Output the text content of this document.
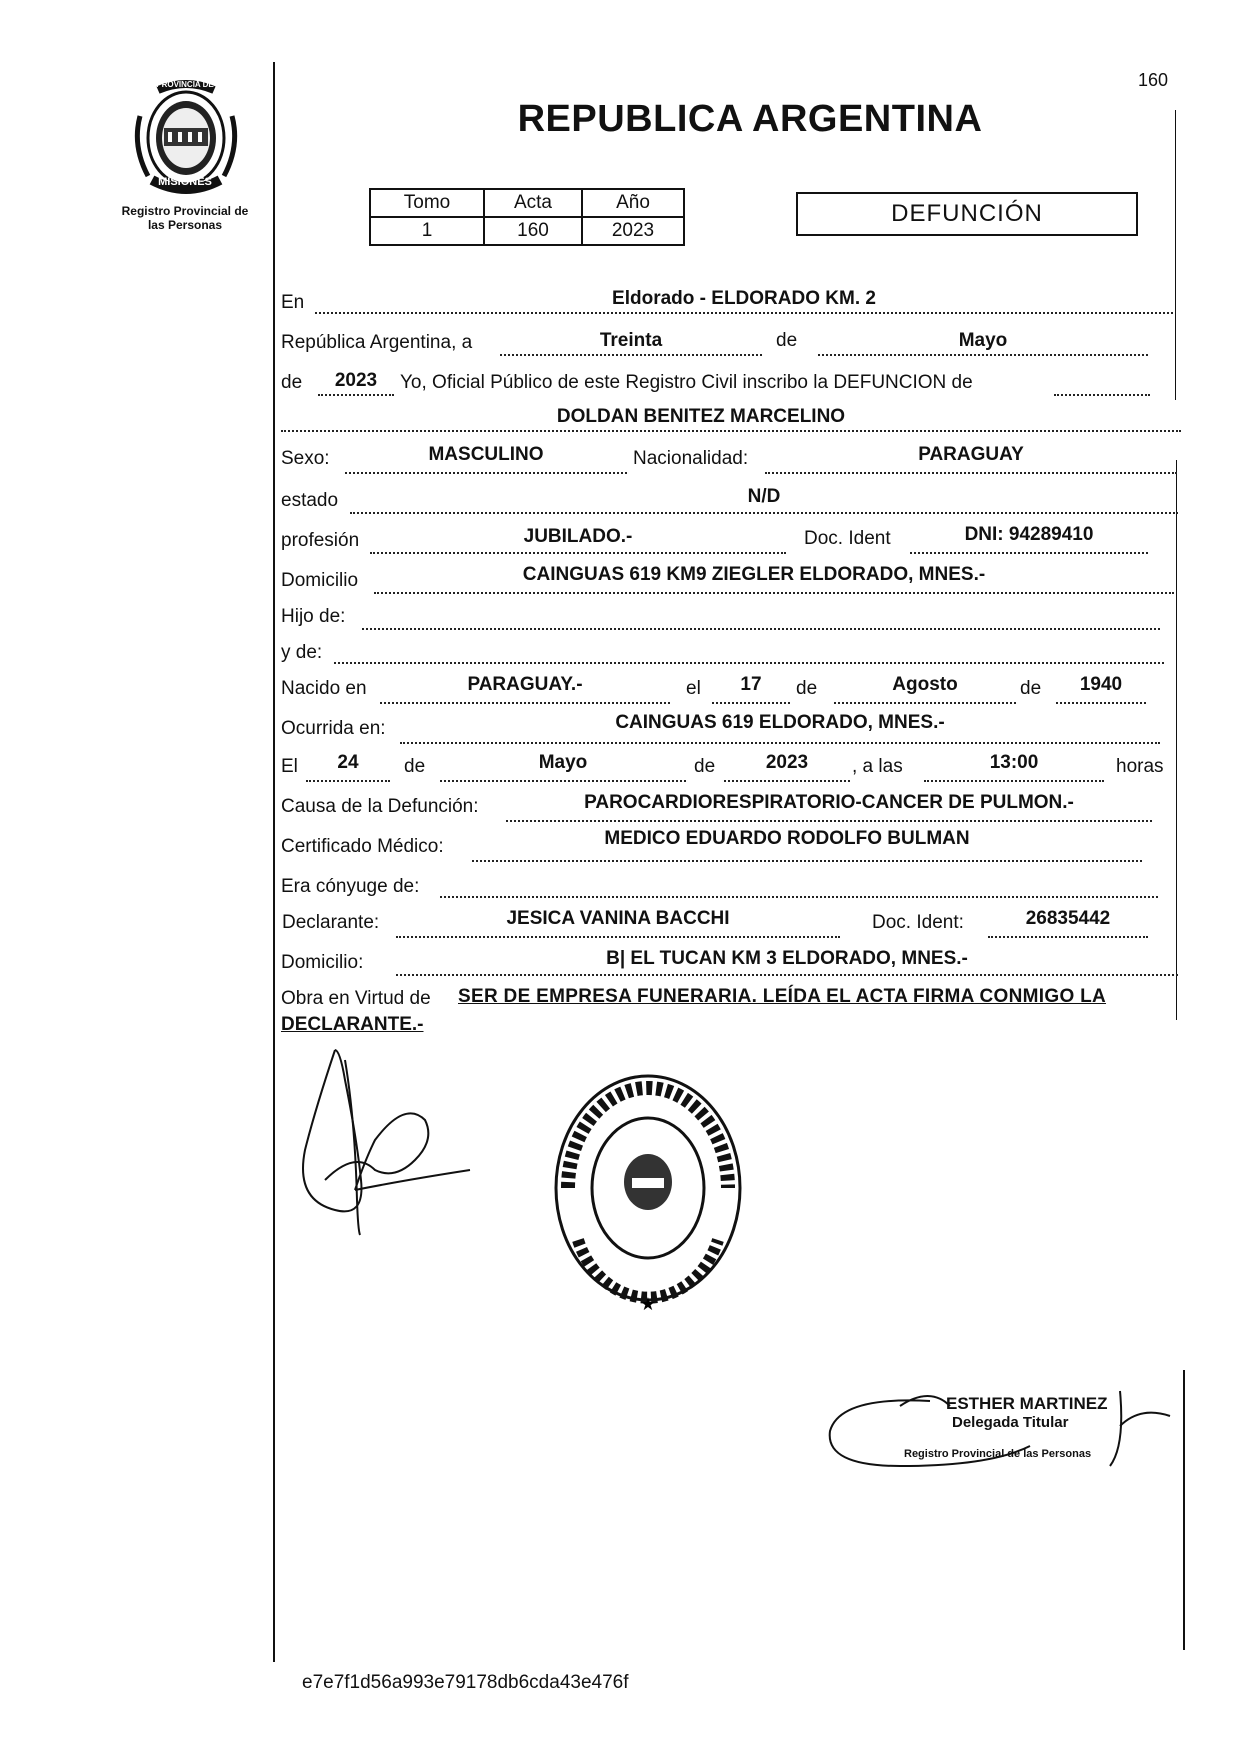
160
PROVINCIA DE
MISIONES
Registro Provincial de
las Personas
REPUBLICA ARGENTINA
Tomo	Acta	Año
1	160	2023
DEFUNCIÓN
En	Eldorado - ELDORADO KM. 2
República Argentina, a	Treinta	de	Mayo
de	2023	Yo, Oficial Público de este Registro Civil inscribo la DEFUNCION de
DOLDAN BENITEZ MARCELINO
Sexo:	MASCULINO	Nacionalidad:	PARAGUAY
estado	N/D
profesión	JUBILADO.-	Doc. Ident	DNI: 94289410
Domicilio	CAINGUAS 619 KM9 ZIEGLER ELDORADO, MNES.-
Hijo de:
y de:
Nacido en	PARAGUAY.-	el	17	de	Agosto	de	1940
Ocurrida en:	CAINGUAS 619 ELDORADO, MNES.-
El	24	de	Mayo	de	2023	, a las	13:00	horas
Causa de la Defunción:	PAROCARDIORESPIRATORIO-CANCER DE PULMON.-
Certificado Médico:	MEDICO EDUARDO RODOLFO BULMAN
Era cónyuge de:
Declarante:	JESICA VANINA BACCHI	Doc. Ident:	26835442
Domicilio:	B| EL TUCAN KM 3 ELDORADO, MNES.-
Obra en Virtud de SER DE EMPRESA FUNERARIA. LEÍDA EL ACTA FIRMA CONMIGO LA
DECLARANTE.-
★
ESTHER MARTINEZ
Delegada Titular
Registro Provincial de las Personas
e7e7f1d56a993e79178db6cda43e476f
